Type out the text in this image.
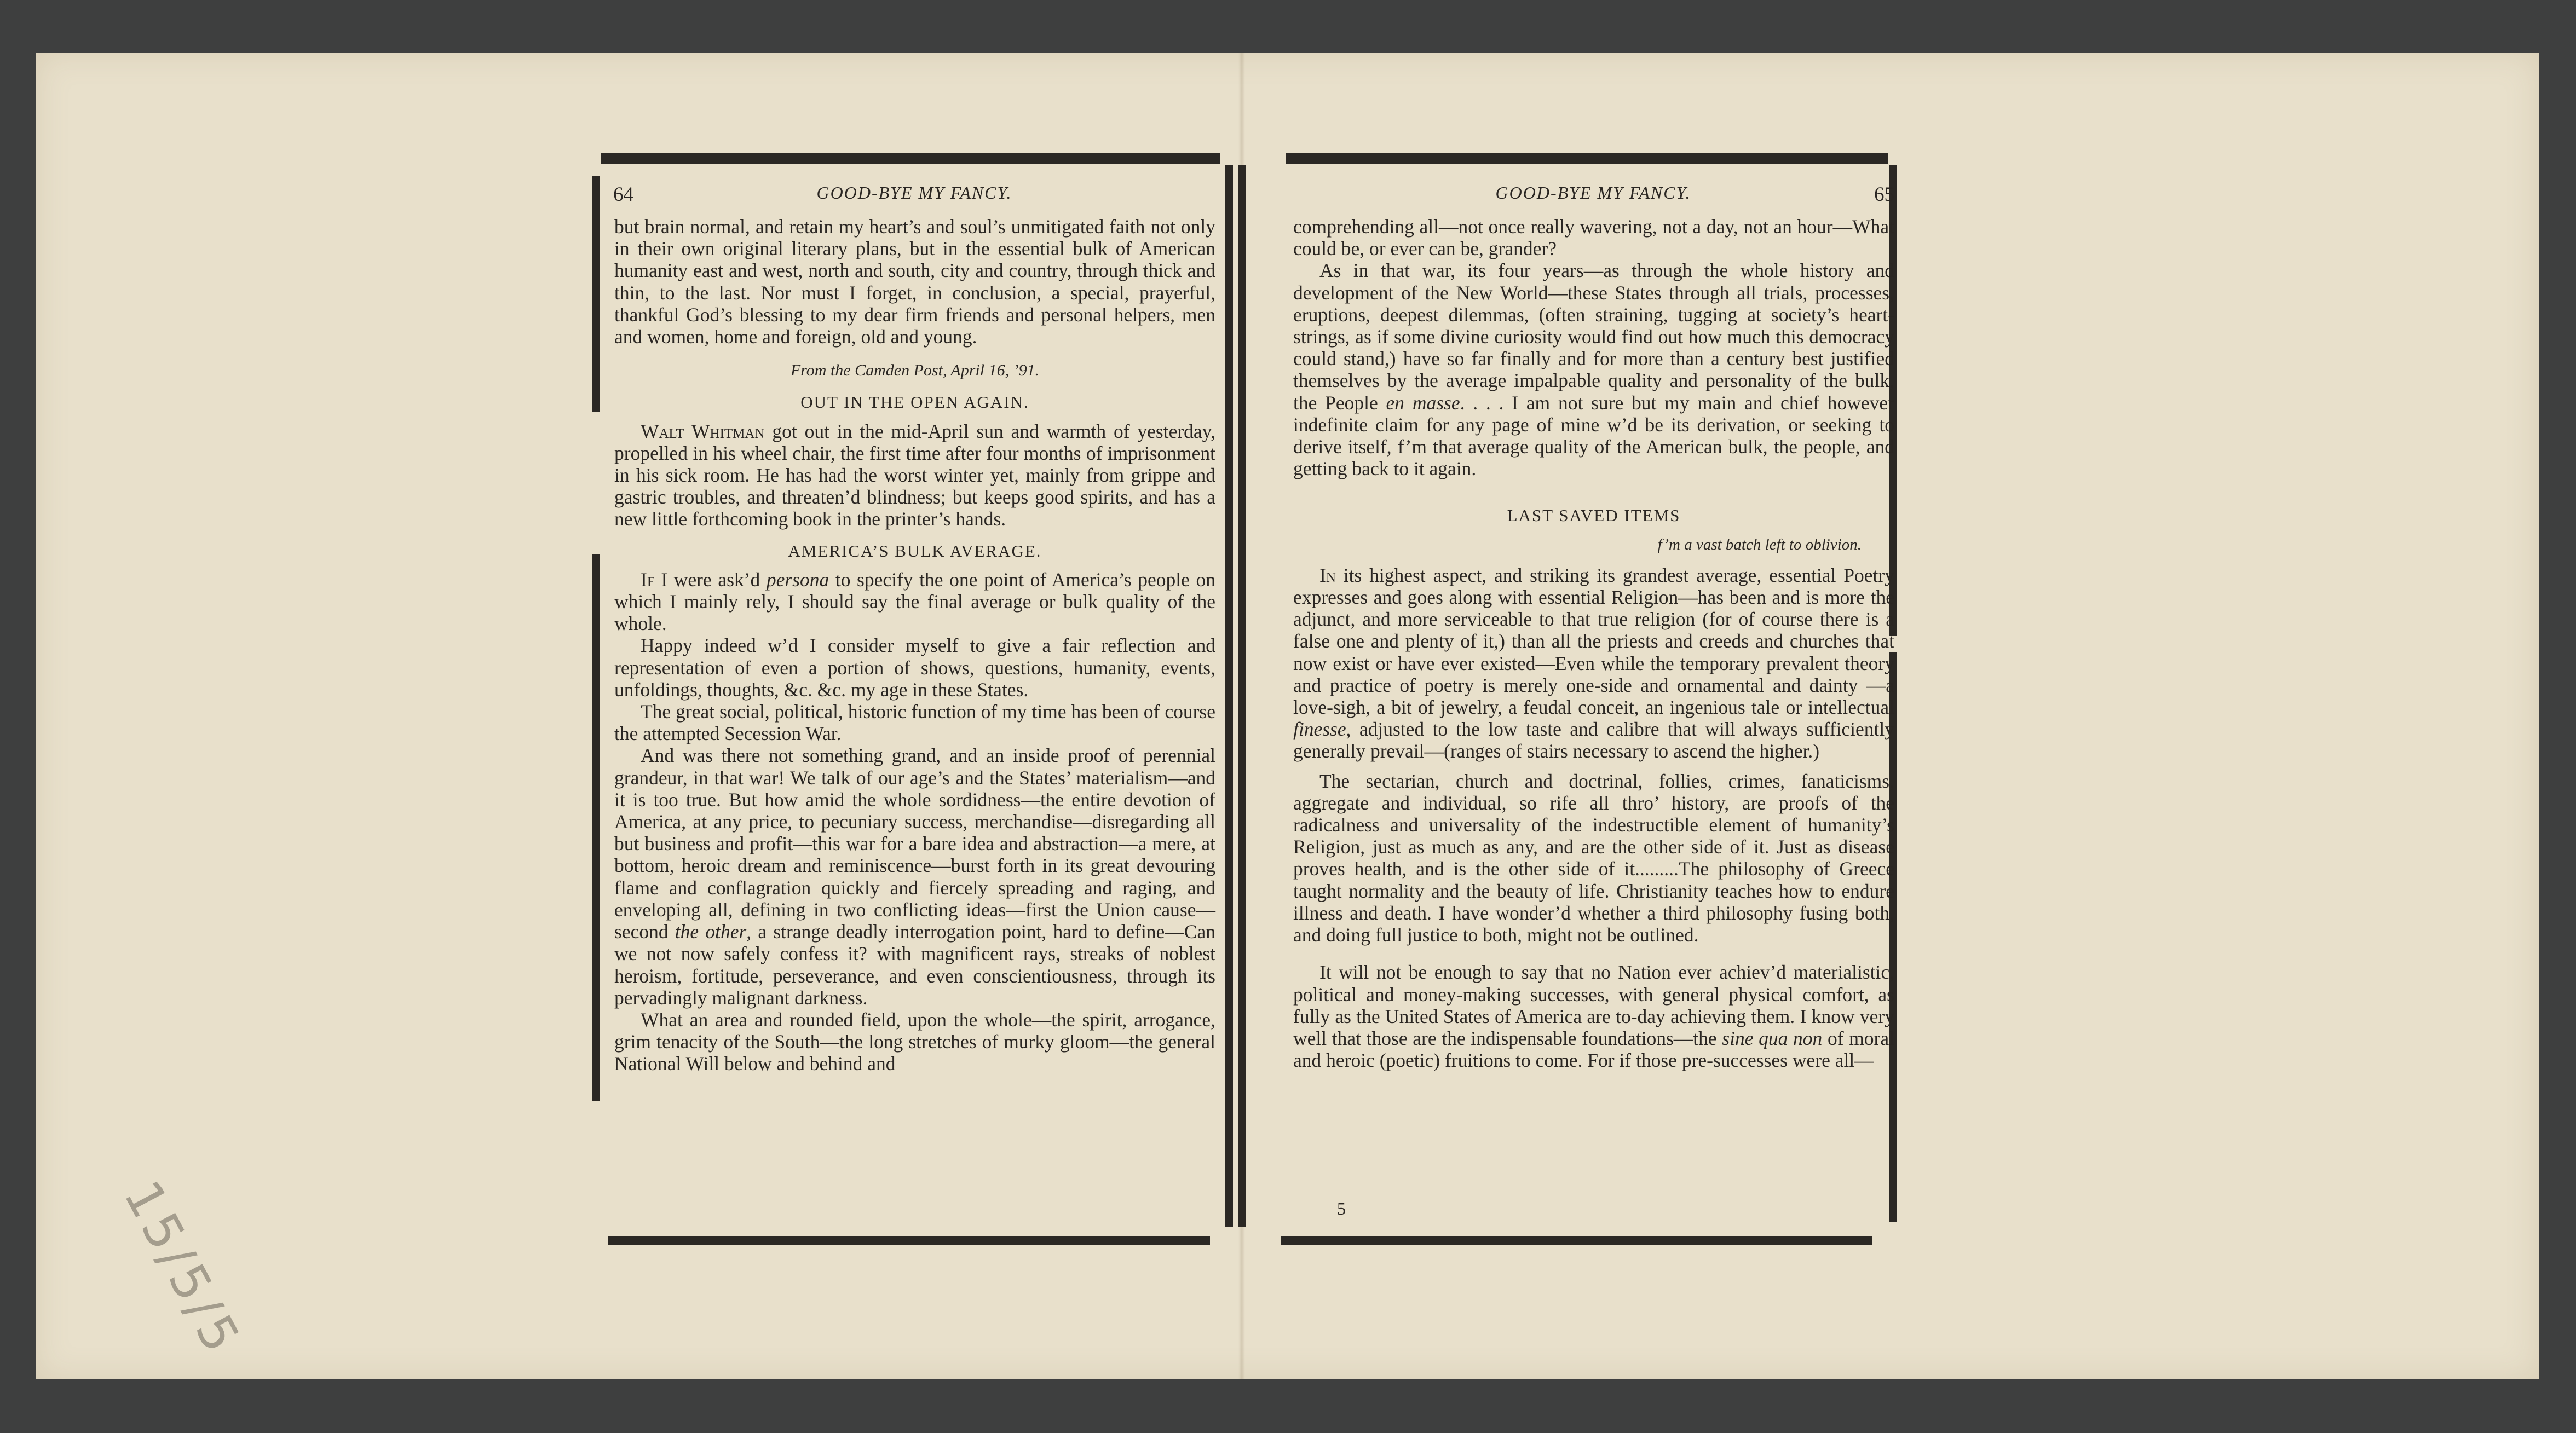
64	GOOD-BYE MY FANCY.

but brain normal, and retain my heart’s and soul’s unmitigated faith not only in their own original literary plans, but in the essential bulk of American humanity east and west, north and south, city and country, through thick and thin, to the last. Nor must I forget, in conclusion, a special, prayerful, thankful God’s blessing to my dear firm friends and personal helpers, men and women, home and foreign, old and young.

From the Camden Post, April 16, ’91.
OUT IN THE OPEN AGAIN.

Walt Whitman got out in the mid-April sun and warmth of yesterday, propelled in his wheel chair, the first time after four months of imprisonment in his sick room. He has had the worst winter yet, mainly from grippe and gastric troubles, and threaten’d blindness; but keeps good spirits, and has a new little forthcoming book in the printer’s hands.

AMERICA’S BULK AVERAGE.

If I were ask’d persona to specify the one point of America’s people on which I mainly rely, I should say the final average or bulk quality of the whole.

Happy indeed w’d I consider myself to give a fair reflection and representation of even a portion of shows, questions, humanity, events, unfoldings, thoughts, &c. &c. my age in these States.

The great social, political, historic function of my time has been of course the attempted Secession War.

And was there not something grand, and an inside proof of perennial grandeur, in that war! We talk of our age’s and the States’ materialism—and it is too true. But how amid the whole sordidness—the entire devotion of America, at any price, to pecuniary success, merchandise—disregarding all but business and profit—this war for a bare idea and abstraction—a mere, at bottom, heroic dream and reminiscence—burst forth in its great devouring flame and conflagration quickly and fiercely spreading and raging, and enveloping all, defining in two conflicting ideas—first the Union cause—second the other, a strange deadly interrogation point, hard to define—Can we not now safely confess it? with magnificent rays, streaks of noblest heroism, fortitude, perseverance, and even conscientiousness, through its pervadingly malignant darkness.

What an area and rounded field, upon the whole—the spirit, arrogance, grim tenacity of the South—the long stretches of murky gloom—the general National Will below and behind and

GOOD-BYE MY FANCY.	65

comprehending all—not once really wavering, not a day, not an hour—What could be, or ever can be, grander?

As in that war, its four years—as through the whole history and development of the New World—these States through all trials, processes, eruptions, deepest dilemmas, (often straining, tugging at society’s heart-strings, as if some divine curiosity would find out how much this democracy could stand,) have so far finally and for more than a century best justified themselves by the average impalpable quality and personality of the bulk, the People en masse. . . . I am not sure but my main and chief however indefinite claim for any page of mine w’d be its derivation, or seeking to derive itself, f’m that average quality of the American bulk, the people, and getting back to it again.

LAST SAVED ITEMS
f’m a vast batch left to oblivion.

In its highest aspect, and striking its grandest average, essential Poetry expresses and goes along with essential Religion—has been and is more the adjunct, and more serviceable to that true religion (for of course there is a false one and plenty of it,) than all the priests and creeds and churches that now exist or have ever existed—Even while the temporary prevalent theory and practice of poetry is merely one-side and ornamental and dainty —a love-sigh, a bit of jewelry, a feudal conceit, an ingenious tale or intellectual finesse, adjusted to the low taste and calibre that will always sufficiently generally prevail—(ranges of stairs necessary to ascend the higher.)

The sectarian, church and doctrinal, follies, crimes, fanaticisms, aggregate and individual, so rife all thro’ history, are proofs of the radicalness and universality of the indestructible element of humanity’s Religion, just as much as any, and are the other side of it. Just as disease proves health, and is the other side of it.........The philosophy of Greece taught normality and the beauty of life. Christianity teaches how to endure illness and death. I have wonder’d whether a third philosophy fusing both, and doing full justice to both, might not be outlined.

It will not be enough to say that no Nation ever achiev’d materialistic, political and money-making successes, with general physical comfort, as fully as the United States of America are to-day achieving them. I know very well that those are the indispensable foundations—the sine qua non of moral and heroic (poetic) fruitions to come. For if those pre-successes were all—

5
15/5/5
